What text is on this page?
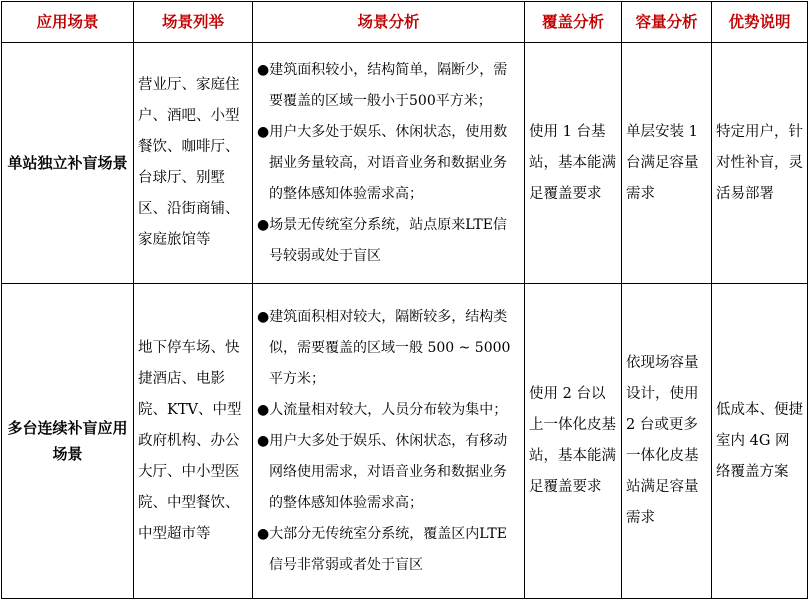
应用场景	场景列举	场景分析	覆盖分析	容量分析	优势说明
单站独立补盲场景	营业厅、家庭住户、酒吧、小型餐饮、咖啡厅、台球厅、别墅区、沿街商铺、家庭旅馆等	●建筑面积较小，结构简单，隔断少，需要覆盖的区域一般小于500平方米；
●用户大多处于娱乐、休闲状态，使用数据业务量较高，对语音业务和数据业务的整体感知体验需求高；
●场景无传统室分系统，站点原来LTE信号较弱或处于盲区	使用 1 台基站，基本能满足覆盖要求	单层安装 1 台满足容量需求	特定用户，针对性补盲，灵活易部署
多台连续补盲应用场景	地下停车场、快捷酒店、电影院、KTV、中型政府机构、办公大厅、中小型医院、中型餐饮、中型超市等	●建筑面积相对较大，隔断较多，结构类似，需要覆盖的区域一般 500 ~ 5000平方米；
●人流量相对较大，人员分布较为集中；
●用户大多处于娱乐、休闲状态，有移动网络使用需求，对语音业务和数据业务的整体感知体验需求高；
●大部分无传统室分系统，覆盖区内LTE信号非常弱或者处于盲区	使用 2 台以上一体化皮基站，基本能满足覆盖要求	依现场容量设计，使用 2 台或更多一体化皮基站满足容量需求	低成本、便捷室内 4G 网络覆盖方案
